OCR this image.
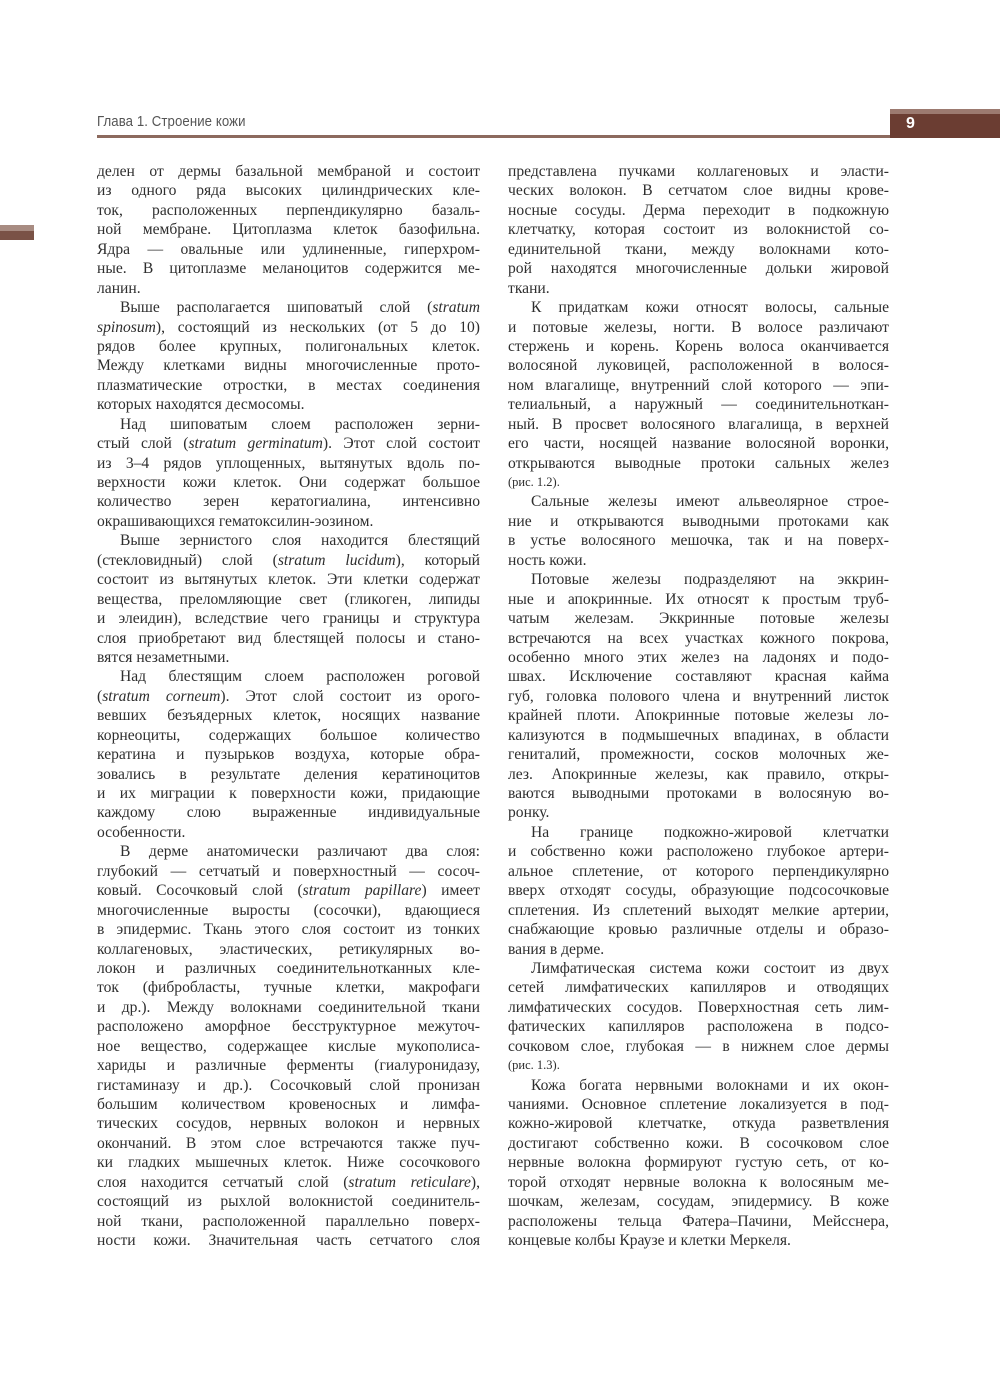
Глава 1. Строение кожи	9
делен от дермы базальной мембраной и состоит
из одного ряда высоких цилиндрических кле-
ток, расположенных перпендикулярно базаль-
ной мембране. Цитоплазма клеток базофильна.
Ядра — овальные или удлиненные, гиперхром-
ные. В цитоплазме меланоцитов содержится ме-
ланин.
Выше располагается шиповатый слой (stratum
spinosum), состоящий из нескольких (от 5 до 10)
рядов более крупных, полигональных клеток.
Между клетками видны многочисленные прото-
плазматические отростки, в местах соединения
которых находятся десмосомы.
Над шиповатым слоем расположен зерни-
стый слой (stratum germinatum). Этот слой состоит
из 3–4 рядов уплощенных, вытянутых вдоль по-
верхности кожи клеток. Они содержат большое
количество зерен кератогиалина, интенсивно
окрашивающихся гематоксилин-эозином.
Выше зернистого слоя находится блестящий
(стекловидный) слой (stratum lucidum), который
состоит из вытянутых клеток. Эти клетки содержат
вещества, преломляющие свет (гликоген, липиды
и элеидин), вследствие чего границы и структура
слоя приобретают вид блестящей полосы и стано-
вятся незаметными.
Над блестящим слоем расположен роговой
(stratum corneum). Этот слой состоит из орого-
вевших безъядерных клеток, носящих название
корнеоциты, содержащих большое количество
кератина и пузырьков воздуха, которые обра-
зовались в результате деления кератиноцитов
и их миграции к поверхности кожи, придающие
каждому слою выраженные индивидуальные
особенности.
В дерме анатомически различают два слоя:
глубокий — сетчатый и поверхностный — сосоч-
ковый. Сосочковый слой (stratum papillare) имеет
многочисленные выросты (сосочки), вдающиеся
в эпидермис. Ткань этого слоя состоит из тонких
коллагеновых, эластических, ретикулярных во-
локон и различных соединительнотканных кле-
ток (фибробласты, тучные клетки, макрофаги
и др.). Между волокнами соединительной ткани
расположено аморфное бесструктурное межуточ-
ное вещество, содержащее кислые мукополиса-
хариды и различные ферменты (гиалуронидазу,
гистаминазу и др.). Сосочковый слой пронизан
большим количеством кровеносных и лимфа-
тических сосудов, нервных волокон и нервных
окончаний. В этом слое встречаются также пуч-
ки гладких мышечных клеток. Ниже сосочкового
слоя находится сетчатый слой (stratum reticulare),
состоящий из рыхлой волокнистой соединитель-
ной ткани, расположенной параллельно поверх-
ности кожи. Значительная часть сетчатого слоя
представлена пучками коллагеновых и эласти-
ческих волокон. В сетчатом слое видны крове-
носные сосуды. Дерма переходит в подкожную
клетчатку, которая состоит из волокнистой со-
единительной ткани, между волокнами кото-
рой находятся многочисленные дольки жировой
ткани.
К придаткам кожи относят волосы, сальные
и потовые железы, ногти. В волосе различают
стержень и корень. Корень волоса оканчивается
волосяной луковицей, расположенной в волося-
ном влагалище, внутренний слой которого — эпи-
телиальный, а наружный — соединительноткан-
ный. В просвет волосяного влагалища, в верхней
его части, носящей название волосяной воронки,
открываются выводные протоки сальных желез
(рис. 1.2).
Сальные железы имеют альвеолярное строе-
ние и открываются выводными протоками как
в устье волосяного мешочка, так и на поверх-
ность кожи.
Потовые железы подразделяют на эккрин-
ные и апокринные. Их относят к простым труб-
чатым железам. Эккринные потовые железы
встречаются на всех участках кожного покрова,
особенно много этих желез на ладонях и подо-
швах. Исключение составляют красная кайма
губ, головка полового члена и внутренний листок
крайней плоти. Апокринные потовые железы ло-
кализуются в подмышечных впадинах, в области
гениталий, промежности, сосков молочных же-
лез. Апокринные железы, как правило, откры-
ваются выводными протоками в волосяную во-
ронку.
На границе подкожно-жировой клетчатки
и собственно кожи расположено глубокое артери-
альное сплетение, от которого перпендикулярно
вверх отходят сосуды, образующие подсосочковые
сплетения. Из сплетений выходят мелкие артерии,
снабжающие кровью различные отделы и образо-
вания в дерме.
Лимфатическая система кожи состоит из двух
сетей лимфатических капилляров и отводящих
лимфатических сосудов. Поверхностная сеть лим-
фатических капилляров расположена в подсо-
сочковом слое, глубокая — в нижнем слое дермы
(рис. 1.3).
Кожа богата нервными волокнами и их окон-
чаниями. Основное сплетение локализуется в под-
кожно-жировой клетчатке, откуда разветвления
достигают собственно кожи. В сосочковом слое
нервные волокна формируют густую сеть, от ко-
торой отходят нервные волокна к волосяным ме-
шочкам, железам, сосудам, эпидермису. В коже
расположены тельца Фатера–Пачини, Мейсснера,
концевые колбы Краузе и клетки Меркеля.
